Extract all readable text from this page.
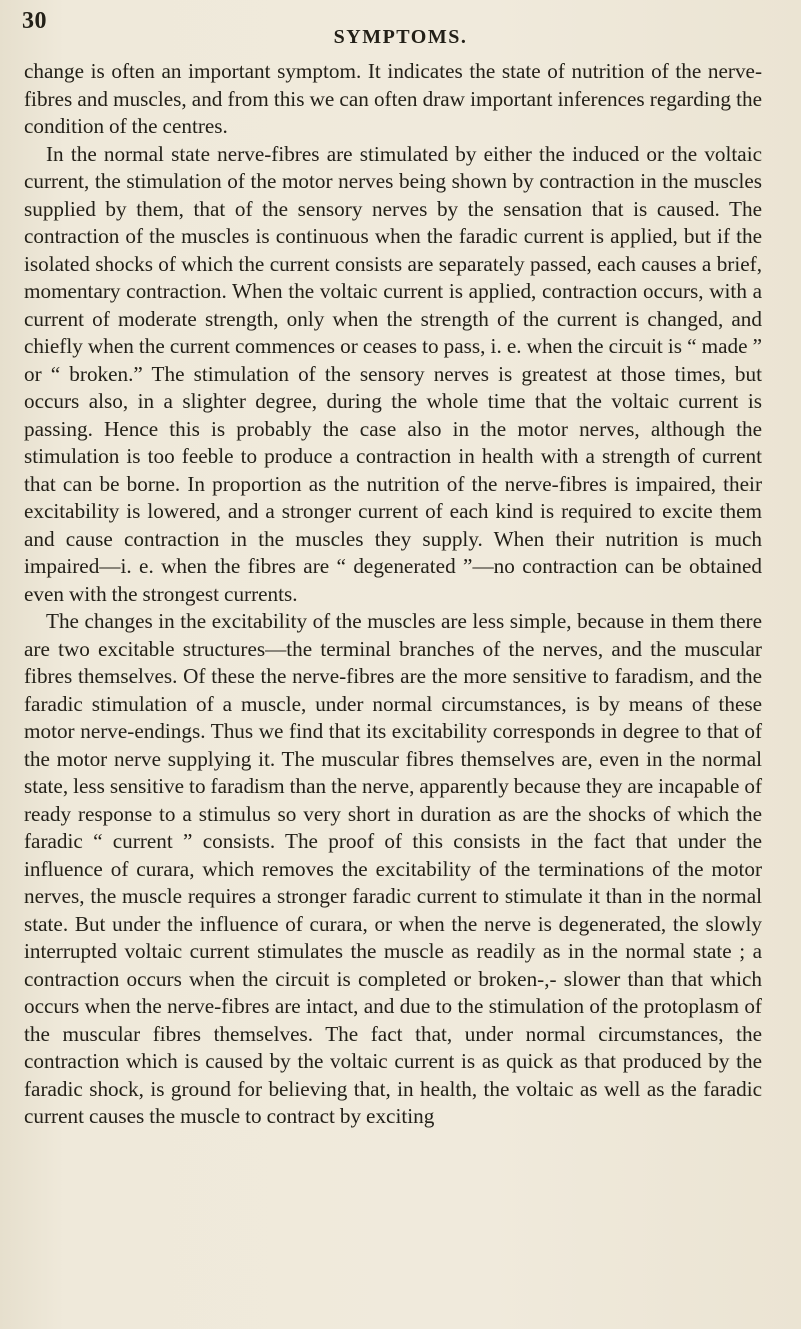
30
SYMPTOMS.

change is often an important symptom. It indicates the state of nutrition of the nerve-fibres and muscles, and from this we can often draw important inferences regarding the condition of the centres.

In the normal state nerve-fibres are stimulated by either the induced or the voltaic current, the stimulation of the motor nerves being shown by contraction in the muscles supplied by them, that of the sensory nerves by the sensation that is caused. The contraction of the muscles is continuous when the faradic current is applied, but if the isolated shocks of which the current consists are separately passed, each causes a brief, momentary contraction. When the voltaic current is applied, contraction occurs, with a current of moderate strength, only when the strength of the current is changed, and chiefly when the current commences or ceases to pass, i. e. when the circuit is “ made ” or “ broken.” The stimulation of the sensory nerves is greatest at those times, but occurs also, in a slighter degree, during the whole time that the voltaic current is passing. Hence this is probably the case also in the motor nerves, although the stimulation is too feeble to produce a contraction in health with a strength of current that can be borne. In proportion as the nutrition of the nerve-fibres is impaired, their excitability is lowered, and a stronger current of each kind is required to excite them and cause contraction in the muscles they supply. When their nutrition is much impaired—i. e. when the fibres are “ degenerated ”—no contraction can be obtained even with the strongest currents.

The changes in the excitability of the muscles are less simple, because in them there are two excitable structures—the terminal branches of the nerves, and the muscular fibres themselves. Of these the nerve-fibres are the more sensitive to faradism, and the faradic stimulation of a muscle, under normal circumstances, is by means of these motor nerve-endings. Thus we find that its excitability corresponds in degree to that of the motor nerve supplying it. The muscular fibres themselves are, even in the normal state, less sensitive to faradism than the nerve, apparently because they are incapable of ready response to a stimulus so very short in duration as are the shocks of which the faradic “ current ” consists. The proof of this consists in the fact that under the influence of curara, which removes the excitability of the terminations of the motor nerves, the muscle requires a stronger faradic current to stimulate it than in the normal state. But under the influence of curara, or when the nerve is degenerated, the slowly interrupted voltaic current stimulates the muscle as readily as in the normal state ; a contraction occurs when the circuit is completed or broken-,- slower than that which occurs when the nerve-fibres are intact, and due to the stimulation of the protoplasm of the muscular fibres themselves. The fact that, under normal circumstances, the contraction which is caused by the voltaic current is as quick as that produced by the faradic shock, is ground for believing that, in health, the voltaic as well as the faradic current causes the muscle to contract by exciting
